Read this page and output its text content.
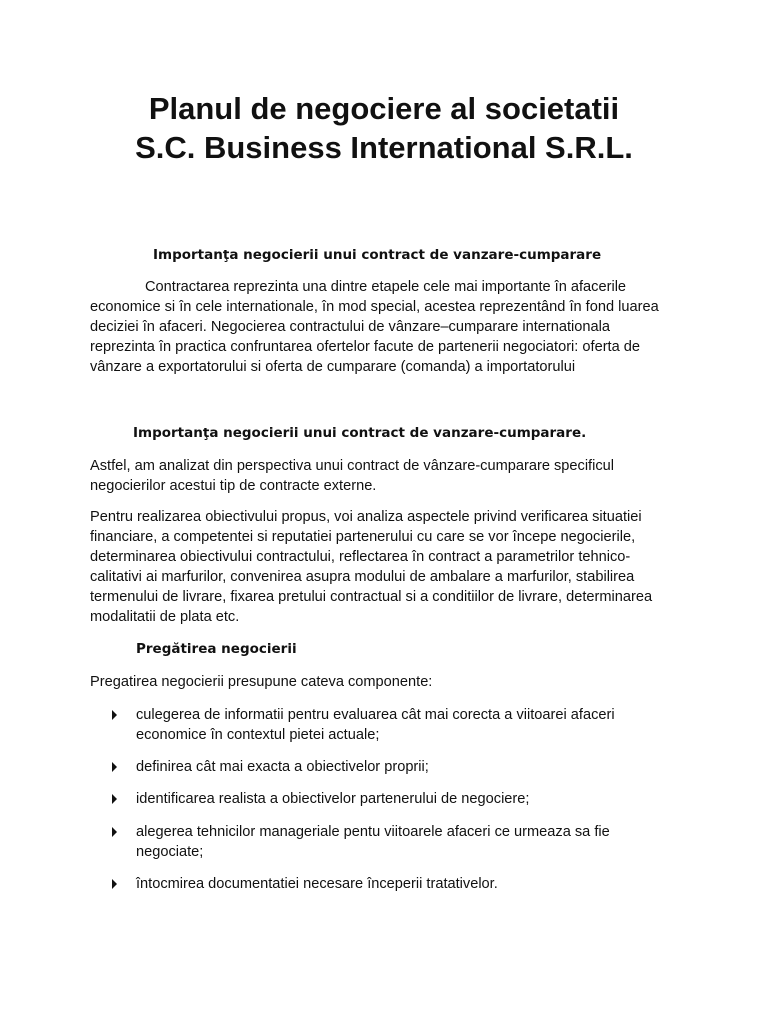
Planul de negociere al societatii
S.C. Business International S.R.L.
Importanţa negocierii unui contract de vanzare-cumparare

Contractarea reprezinta una dintre etapele cele mai importante în afacerile
economice si în cele internationale, în mod special, acestea reprezentând în fond luarea
deciziei în afaceri. Negocierea contractului de vânzare–cumparare internationala
reprezinta în practica confruntarea ofertelor facute de partenerii negociatori: oferta de
vânzare a exportatorului si oferta de cumparare (comanda) a importatorului

Importanţa negocierii unui contract de vanzare-cumparare.

Astfel, am analizat din perspectiva unui contract de vânzare-cumparare specificul
negocierilor acestui tip de contracte externe.

Pentru realizarea obiectivului propus, voi analiza aspectele privind verificarea situatiei
financiare, a competentei si reputatiei partenerului cu care se vor începe negocierile,
determinarea obiectivului contractului, reflectarea în contract a parametrilor tehnico-
calitativi ai marfurilor, convenirea asupra modului de ambalare a marfurilor, stabilirea
termenului de livrare, fixarea pretului contractual si a conditiilor de livrare, determinarea
modalitatii de plata etc.

Pregătirea negocierii

Pregatirea negocierii presupune cateva componente:

culegerea de informatii pentru evaluarea cât mai corecta a viitoarei afaceri
economice în contextul pietei actuale;

definirea cât mai exacta a obiectivelor proprii;

identificarea realista a obiectivelor partenerului de negociere;

alegerea tehnicilor manageriale pentu viitoarele afaceri ce urmeaza sa fie
negociate;

întocmirea documentatiei necesare începerii tratativelor.
